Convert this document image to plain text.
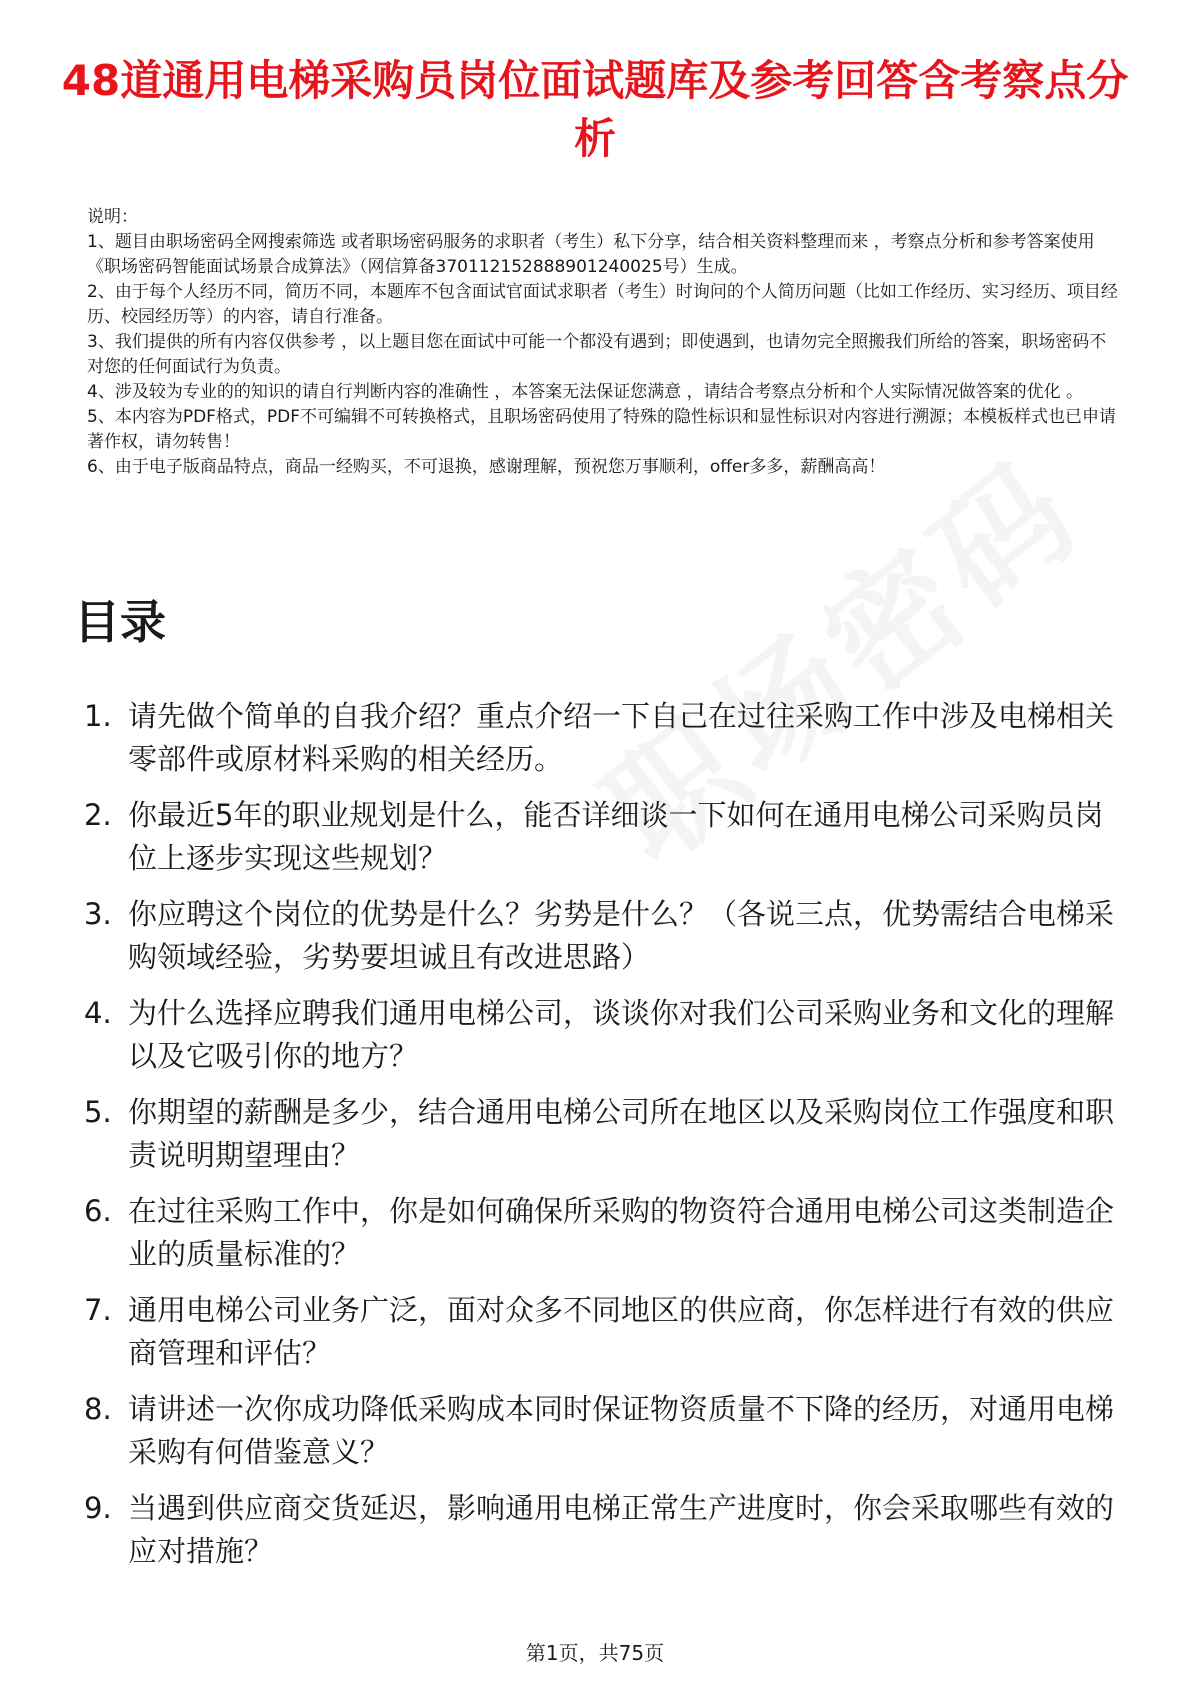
48道通用电梯采购员岗位面试题库及参考回答含考察点分析

说明：

1、题目由职场密码全网搜索筛选 或者职场密码服务的求职者（考生）私下分享，结合相关资料整理而来 ，考察点分析和参考答案使用《职场密码智能面试场景合成算法》（网信算备370112152888901240025号）生成。

2、由于每个人经历不同，简历不同，本题库不包含面试官面试求职者（考生）时询问的个人简历问题（比如工作经历、实习经历、项目经历、校园经历等）的内容，请自行准备。

3、我们提供的所有内容仅供参考 ，以上题目您在面试中可能一个都没有遇到；即使遇到，也请勿完全照搬我们所给的答案，职场密码不对您的任何面试行为负责。

4、涉及较为专业的的知识的请自行判断内容的准确性 ，本答案无法保证您满意 ，请结合考察点分析和个人实际情况做答案的优化 。

5、本内容为PDF格式，PDF不可编辑不可转换格式，且职场密码使用了特殊的隐性标识和显性标识对内容进行溯源；本模板样式也已申请著作权，请勿转售！

6、由于电子版商品特点，商品一经购买，不可退换，感谢理解，预祝您万事顺利，offer多多，薪酬高高！

目录
1. 请先做个简单的自我介绍？重点介绍一下自己在过往采购工作中涉及电梯相关零部件或原材料采购的相关经历。
2. 你最近5年的职业规划是什么，能否详细谈一下如何在通用电梯公司采购员岗位上逐步实现这些规划？
3. 你应聘这个岗位的优势是什么？劣势是什么？（各说三点，优势需结合电梯采购领域经验，劣势要坦诚且有改进思路）
4. 为什么选择应聘我们通用电梯公司，谈谈你对我们公司采购业务和文化的理解以及它吸引你的地方？
5. 你期望的薪酬是多少，结合通用电梯公司所在地区以及采购岗位工作强度和职责说明期望理由？
6. 在过往采购工作中，你是如何确保所采购的物资符合通用电梯公司这类制造企业的质量标准的？
7. 通用电梯公司业务广泛，面对众多不同地区的供应商，你怎样进行有效的供应商管理和评估？
8. 请讲述一次你成功降低采购成本同时保证物资质量不下降的经历，对通用电梯采购有何借鉴意义？
9. 当遇到供应商交货延迟，影响通用电梯正常生产进度时，你会采取哪些有效的应对措施？
第1页，共75页
